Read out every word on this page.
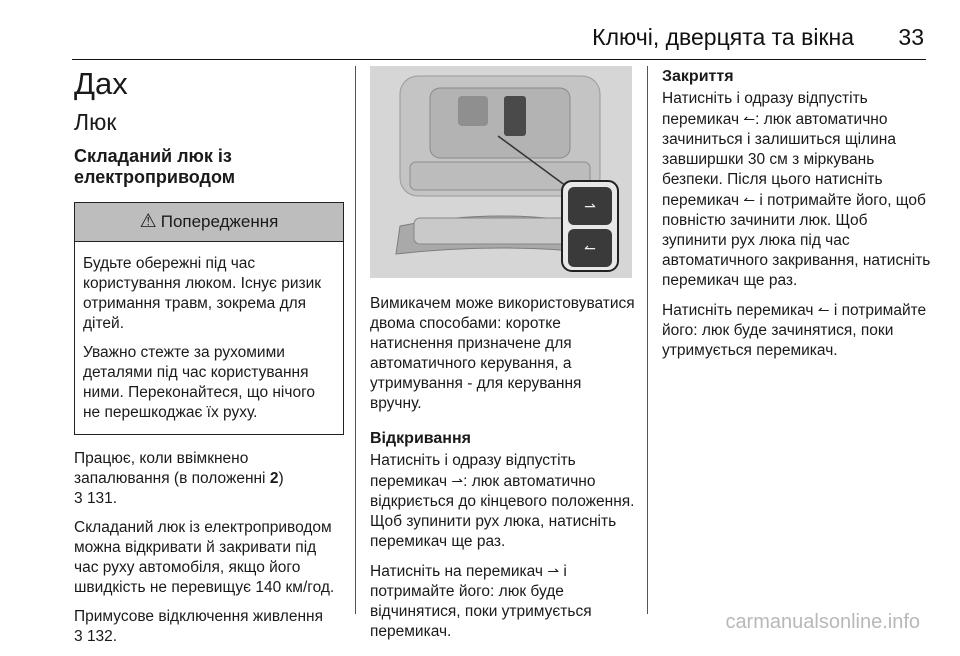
Ключі, дверцята та вікна 33
Дах
Люк
Складаний люк із електроприводом
⚠ Попередження

Будьте обережні під час користування люком. Існує ризик отримання травм, зокрема для дітей.

Уважно стежте за рухомими деталями під час користування ними. Переконайтеся, що нічого не перешкоджає їх руху.

Працює, коли ввімкнено запалювання (в положенні 2)
3 131.

Складаний люк із електроприводом можна відкривати й закривати під час руху автомобіля, якщо його швидкість не перевищує 140 км/год.

Примусове відключення живлення
3 132.

⇀
↼

Вимикачем може використовуватися двома способами: коротке натиснення призначене для автоматичного керування, а утримування - для керування вручну.

Відкривання

Натисніть і одразу відпустіть перемикач ⇀: люк автоматично відкриється до кінцевого положення. Щоб зупинити рух люка, натисніть перемикач ще раз.

Натисніть на перемикач ⇀ і потримайте його: люк буде відчинятися, поки утримується перемикач.

Закриття

Натисніть і одразу відпустіть перемикач ↼: люк автоматично зачиниться і залишиться щілина завширшки 30 см з міркувань безпеки. Після цього натисніть перемикач ↼ і потримайте його, щоб повністю зачинити люк. Щоб зупинити рух люка під час автоматичного закривання, натисніть перемикач ще раз.

Натисніть перемикач ↼ і потримайте його: люк буде зачинятися, поки утримується перемикач.

carmanualsonline.info
